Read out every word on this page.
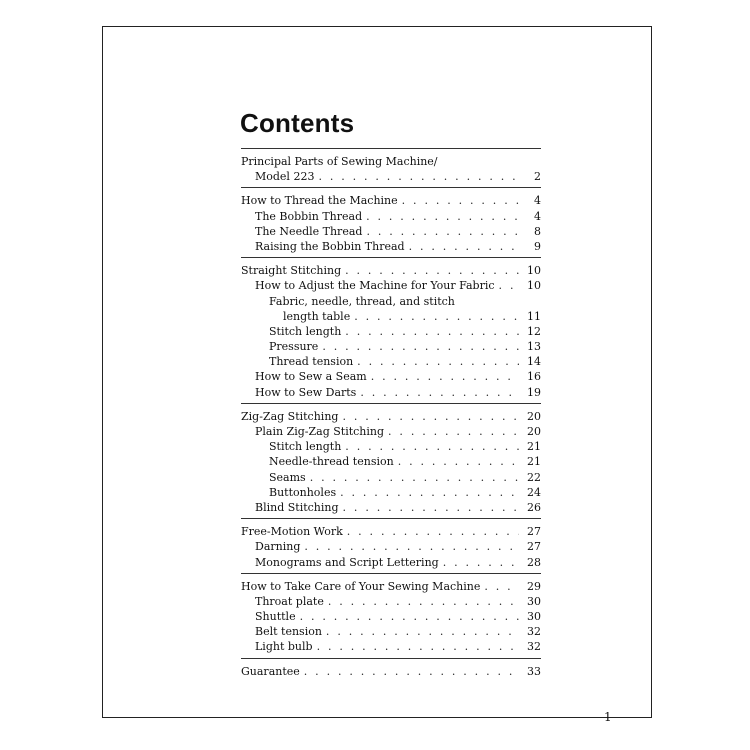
Contents
Principal Parts of Sewing Machine/
Model 223 . . .	2
How to Thread the Machine . . .	4
The Bobbin Thread . . .	4
The Needle Thread . . .	8
Raising the Bobbin Thread . . .	9
Straight Stitching . . .	10
How to Adjust the Machine for Your Fabric . . .	10
Fabric, needle, thread, and stitch
length table . . .	11
Stitch length . . .	12
Pressure . . .	13
Thread tension . . .	14
How to Sew a Seam . . .	16
How to Sew Darts . . .	19
Zig-Zag Stitching . . .	20
Plain Zig-Zag Stitching . . .	20
Stitch length . . .	21
Needle-thread tension . . .	21
Seams . . .	22
Buttonholes . . .	24
Blind Stitching . . .	26
Free-Motion Work . . .	27
Darning . . .	27
Monograms and Script Lettering . . .	28
How to Take Care of Your Sewing Machine . . .	29
Throat plate . . .	30
Shuttle . . .	30
Belt tension . . .	32
Light bulb . . .	32
Guarantee . . .	33
1
